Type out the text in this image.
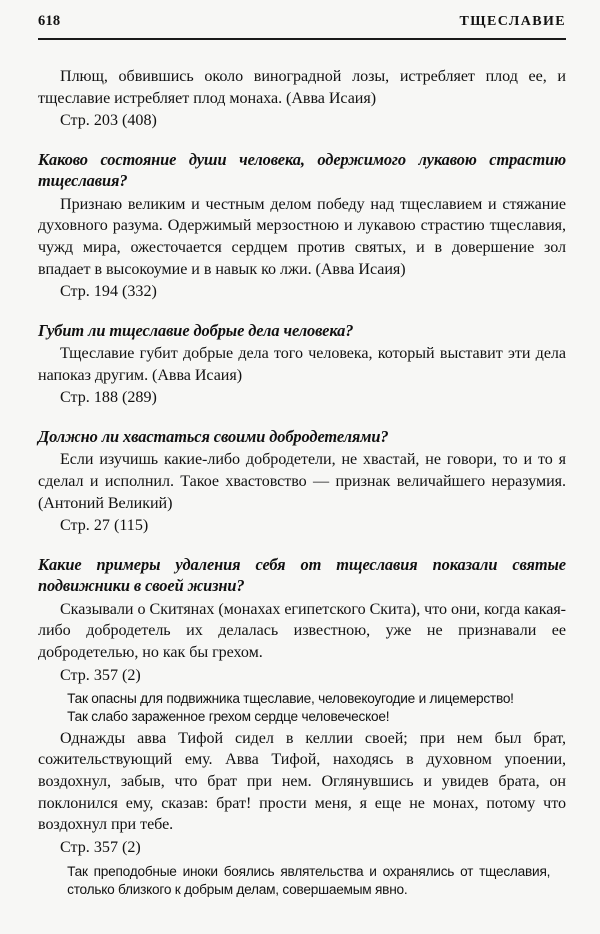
618	ТЩЕСЛАВИЕ

Плющ, обвившись около виноградной лозы, истребляет плод ее, и тщеславие истребляет плод монаха. (Авва Исаия)

Стр. 203 (408)

Каково состояние души человека, одержимого лукавою страстию тщеславия?

Признаю великим и честным делом победу над тщеславием и стяжание духовного разума. Одержимый мерзостною и лукавою страстию тщеславия, чужд мира, ожесточается сердцем против святых, и в довершение зол впадает в высокоумие и в навык ко лжи. (Авва Исаия)

Стр. 194 (332)

Губит ли тщеславие добрые дела человека?

Тщеславие губит добрые дела того человека, который выставит эти дела напоказ другим. (Авва Исаия)

Стр. 188 (289)

Должно ли хвастаться своими добродетелями?

Если изучишь какие-либо добродетели, не хвастай, не говори, то и то я сделал и исполнил. Такое хвастовство — признак величайшего неразумия. (Антоний Великий)

Стр. 27 (115)

Какие примеры удаления себя от тщеславия показали святые подвижники в своей жизни?

Сказывали о Скитянах (монахах египетского Скита), что они, когда какая-либо добродетель их делалась известною, уже не признавали ее добродетелью, но как бы грехом.

Стр. 357 (2)

Так опасны для подвижника тщеславие, человекоугодие и лицемерство!
Так слабо зараженное грехом сердце человеческое!

Однажды авва Тифой сидел в келлии своей; при нем был брат, сожительствующий ему. Авва Тифой, находясь в духовном упоении, воздохнул, забыв, что брат при нем. Оглянувшись и увидев брата, он поклонился ему, сказав: брат! прости меня, я еще не монах, потому что воздохнул при тебе.

Стр. 357 (2)

Так преподобные иноки боялись являтельства и охранялись от тщеславия, столько близкого к добрым делам, совершаемым явно.
